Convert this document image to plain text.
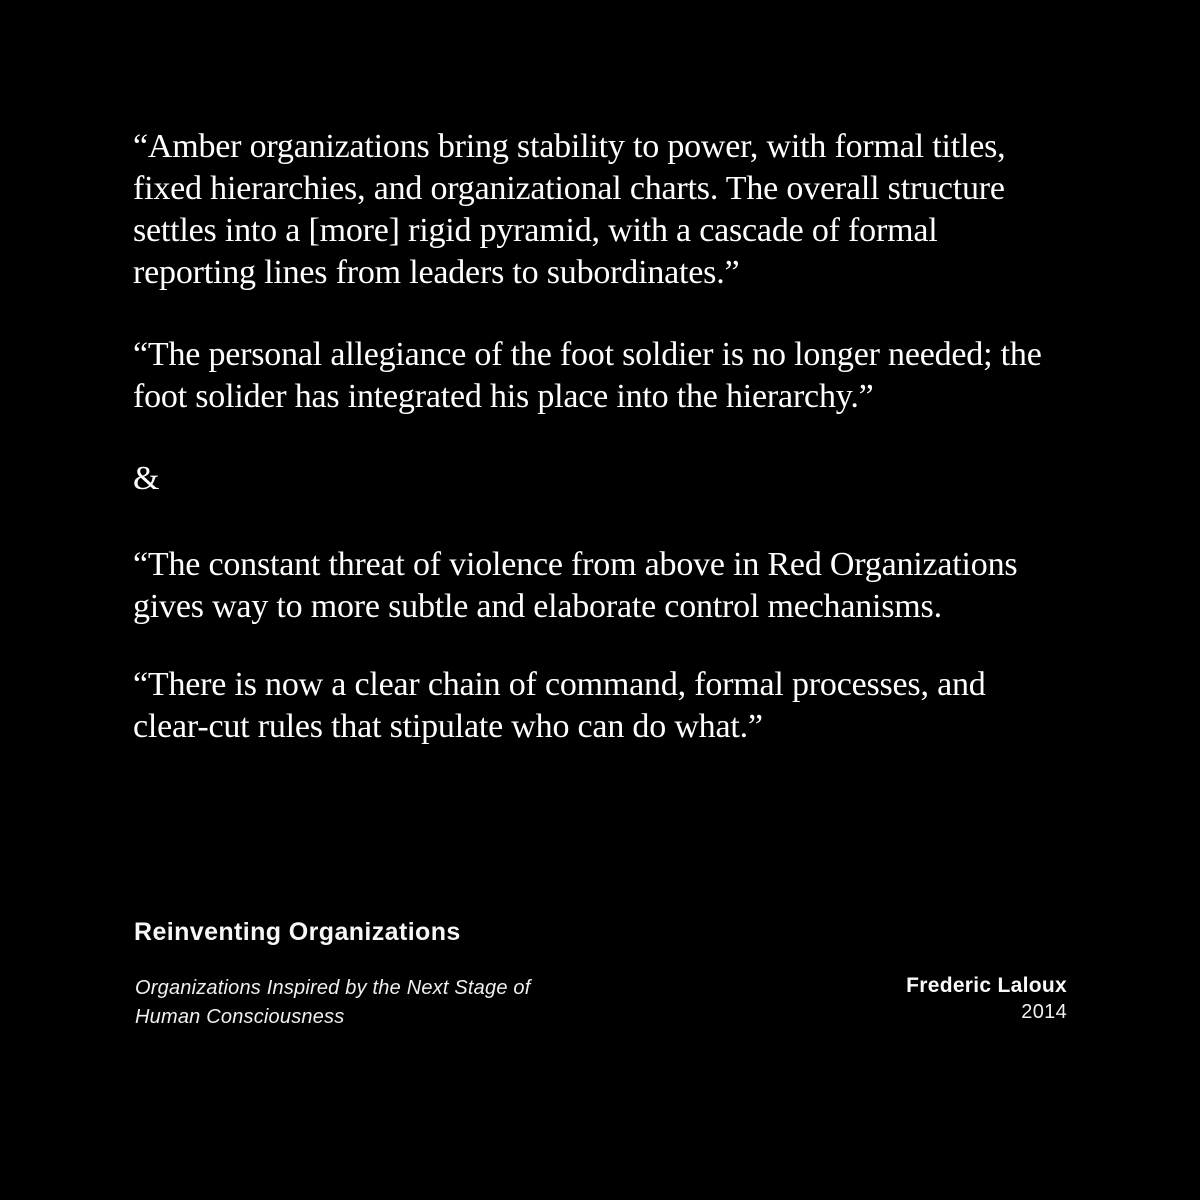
“Amber organizations bring stability to power, with formal titles,
fixed hierarchies, and organizational charts. The overall structure
settles into a [more] rigid pyramid, with a cascade of formal
reporting lines from leaders to subordinates.”
“The personal allegiance of the foot soldier is no longer needed; the
foot solider has integrated his place into the hierarchy.”
&
“The constant threat of violence from above in Red Organizations
gives way to more subtle and elaborate control mechanisms.
“There is now a clear chain of command, formal processes, and
clear-cut rules that stipulate who can do what.”
Reinventing Organizations
Organizations Inspired by the Next Stage of
Human Consciousness
Frederic Laloux
2014
